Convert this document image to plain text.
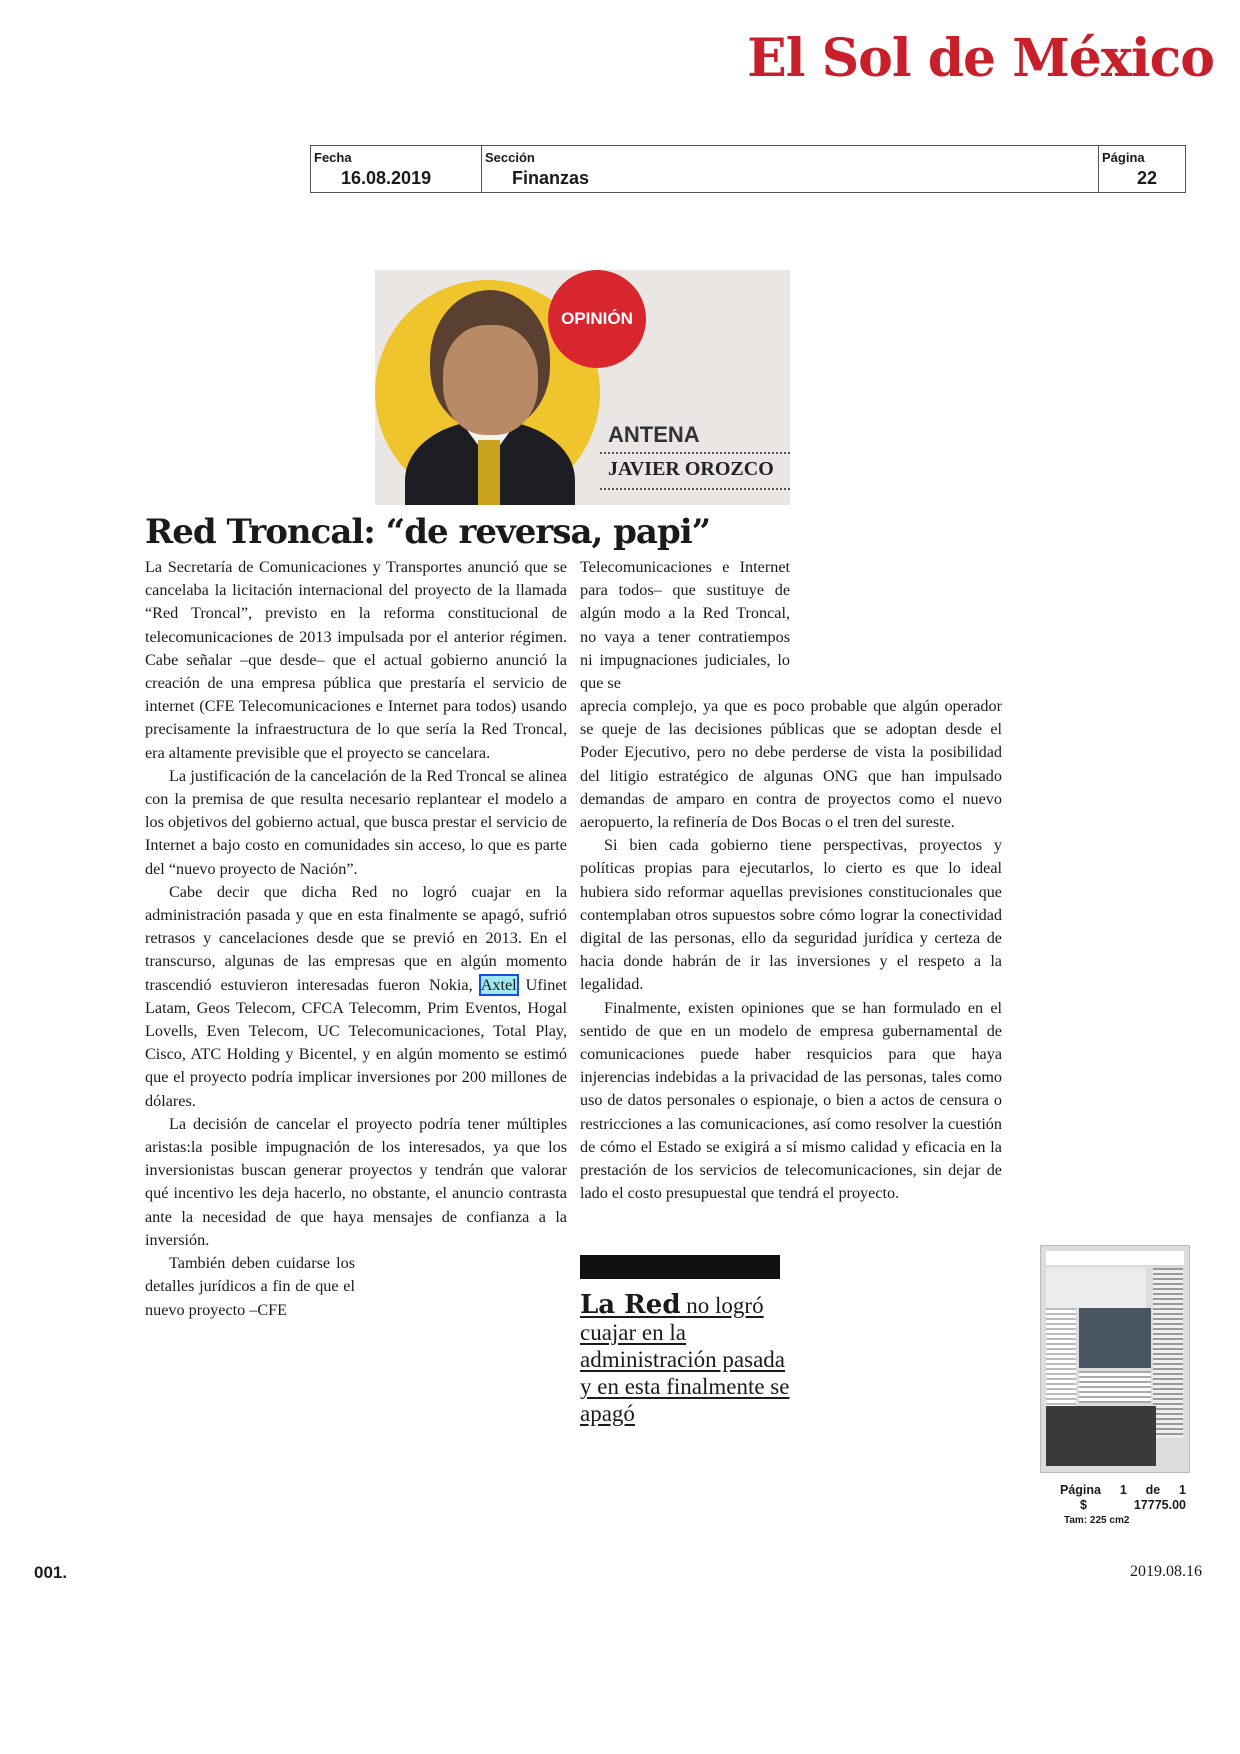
El Sol de México
Fecha
16.08.2019
Sección
Finanzas
Página
22
OPINIÓN
ANTENA
JAVIER OROZCO
Red Troncal: “de reversa, papi”

La Secretaría de Comunicaciones y Transportes anunció que se cancelaba la licitación internacional del proyecto de la llamada “Red Troncal”, previsto en la reforma constitucional de telecomunicaciones de 2013 impulsada por el anterior régimen. Cabe señalar –que desde– que el actual gobierno anunció la creación de una empresa pública que prestaría el servicio de internet (CFE Telecomunicaciones e Internet para todos) usando precisamente la infraestructura de lo que sería la Red Troncal, era altamente previsible que el proyecto se cancelara.

La justificación de la cancelación de la Red Troncal se alinea con la premisa de que resulta necesario replantear el modelo a los objetivos del gobierno actual, que busca prestar el servicio de Internet a bajo costo en comunidades sin acceso, lo que es parte del “nuevo proyecto de Nación”.

Cabe decir que dicha Red no logró cuajar en la administración pasada y que en esta finalmente se apagó, sufrió retrasos y cancelaciones desde que se previó en 2013. En el transcurso, algunas de las empresas que en algún momento trascendió estuvieron interesadas fueron Nokia, Axtel Ufinet Latam, Geos Telecom, CFCA Telecomm, Prim Eventos, Hogal Lovells, Even Telecom, UC Telecomunicaciones, Total Play, Cisco, ATC Holding y Bicentel, y en algún momento se estimó que el proyecto podría implicar inversiones por 200 millones de dólares.

La decisión de cancelar el proyecto podría tener múltiples aristas:la posible impugnación de los interesados, ya que los inversionistas buscan generar proyectos y tendrán que valorar qué incentivo les deja hacerlo, no obstante, el anuncio contrasta ante la necesidad de que haya mensajes de confianza a la inversión.

También deben cuidarse los detalles jurídicos a fin de que el nuevo proyecto –CFE

Telecomunicaciones e Internet para todos– que sustituye de algún modo a la Red Troncal, no vaya a tener contratiempos ni impugnaciones judiciales, lo que se

aprecia complejo, ya que es poco probable que algún operador se queje de las decisiones públicas que se adoptan desde el Poder Ejecutivo, pero no debe perderse de vista la posibilidad del litigio estratégico de algunas ONG que han impulsado demandas de amparo en contra de proyectos como el nuevo aeropuerto, la refinería de Dos Bocas o el tren del sureste.

Si bien cada gobierno tiene perspectivas, proyectos y políticas propias para ejecutarlos, lo cierto es que lo ideal hubiera sido reformar aquellas previsiones constitucionales que contemplaban otros supuestos sobre cómo lograr la conectividad digital de las personas, ello da seguridad jurídica y certeza de hacia donde habrán de ir las inversiones y el respeto a la legalidad.

Finalmente, existen opiniones que se han formulado en el sentido de que en un modelo de empresa gubernamental de comunicaciones puede haber resquicios para que haya injerencias indebidas a la privacidad de las personas, tales como uso de datos personales o espionaje, o bien a actos de censura o restricciones a las comunicaciones, así como resolver la cuestión de cómo el Estado se exigirá a sí mismo calidad y eficacia en la prestación de los servicios de telecomunicaciones, sin dejar de lado el costo presupuestal que tendrá el proyecto.

La Red no logró cuajar en la administración pasada y en esta finalmente se apagó
Página 1 de 1
$	17775.00
Tam: 225 cm2
001.	2019.08.16
